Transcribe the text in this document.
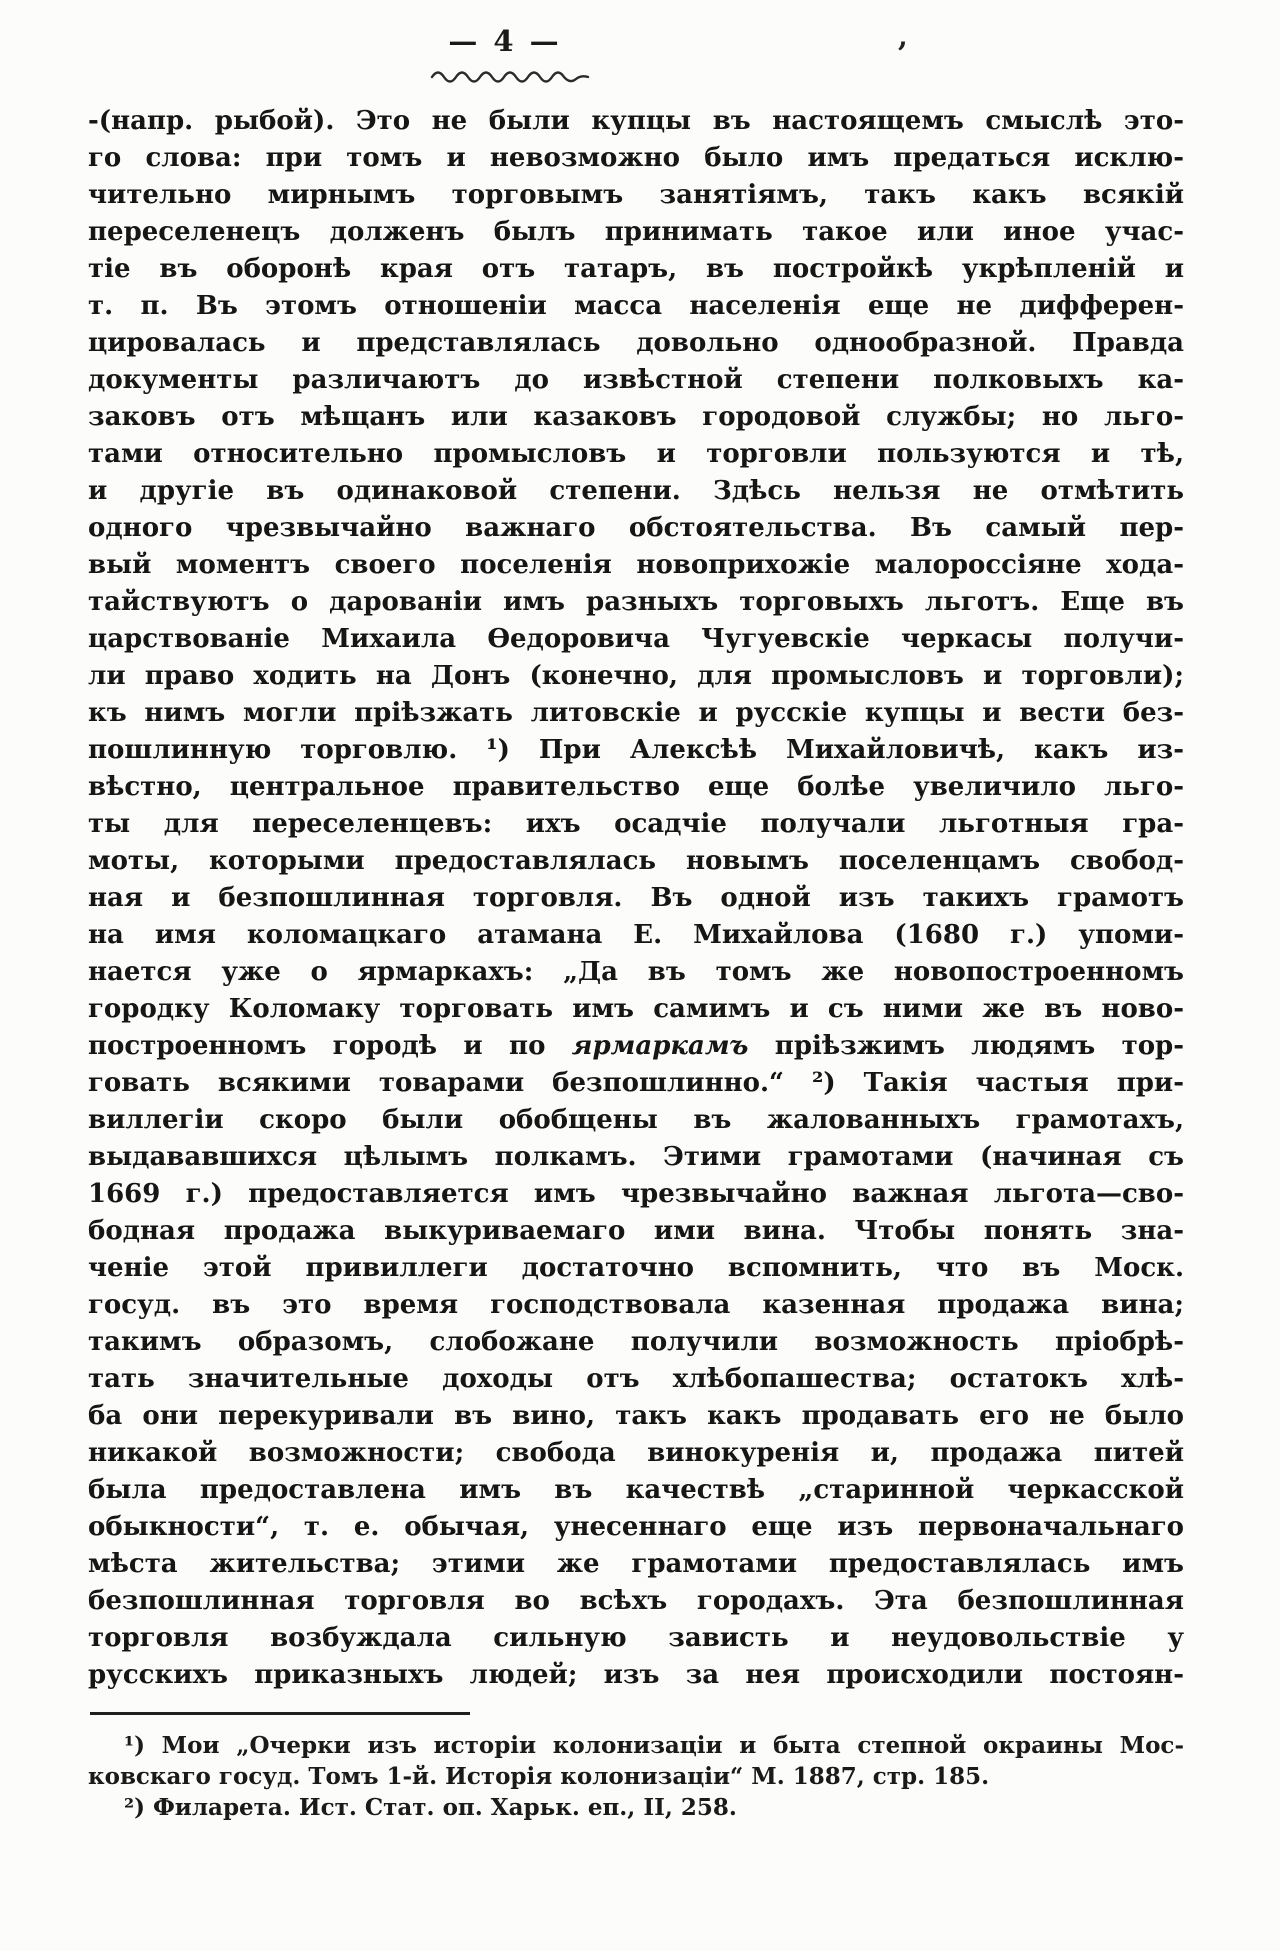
— 4 —	,
-(напр. рыбой). Это не были купцы въ настоящемъ смыслѣ это-
го слова: при томъ и невозможно было имъ предаться исклю-
чительно мирнымъ торговымъ занятіямъ, такъ какъ всякій
переселенецъ долженъ былъ принимать такое или иное учас-
тіе въ оборонѣ края отъ татаръ, въ постройкѣ укрѣпленій и
т. п. Въ этомъ отношеніи масса населенія еще не дифферен-
цировалась и представлялась довольно однообразной. Правда
документы различаютъ до извѣстной степени полковыхъ ка-
заковъ отъ мѣщанъ или казаковъ городовой службы; но льго-
тами относительно промысловъ и торговли пользуются и тѣ,
и другіе въ одинаковой степени. Здѣсь нельзя не отмѣтить
одного чрезвычайно важнаго обстоятельства. Въ самый пер-
вый моментъ своего поселенія новоприхожіе малороссіяне хода-
тайствуютъ о дарованіи имъ разныхъ торговыхъ льготъ. Еще въ
царствованіе Михаила Ѳедоровича Чугуевскіе черкасы получи-
ли право ходить на Донъ (конечно, для промысловъ и торговли);
къ нимъ могли пріѣзжать литовскіе и русскіе купцы и вести без-
пошлинную торговлю. ¹) При Алексѣѣ Михайловичѣ, какъ из-
вѣстно, центральное правительство еще болѣе увеличило льго-
ты для переселенцевъ: ихъ осадчіе получали льготныя гра-
моты, которыми предоставлялась новымъ поселенцамъ свобод-
ная и безпошлинная торговля. Въ одной изъ такихъ грамотъ
на имя коломацкаго атамана Е. Михайлова (1680 г.) упоми-
нается уже о ярмаркахъ: „Да въ томъ же новопостроенномъ
городку Коломаку торговать имъ самимъ и съ ними же въ ново-
построенномъ городѣ и по ярмаркамъ пріѣзжимъ людямъ тор-
говать всякими товарами безпошлинно.“ ²) Такія частыя при-
виллегіи скоро были обобщены въ жалованныхъ грамотахъ,
выдававшихся цѣлымъ полкамъ. Этими грамотами (начиная съ
1669 г.) предоставляется имъ чрезвычайно важная льгота—сво-
бодная продажа выкуриваемаго ими вина. Чтобы понять зна-
ченіе этой привиллеги достаточно вспомнить, что въ Моск.
госуд. въ это время господствовала казенная продажа вина;
такимъ образомъ, слобожане получили возможность пріобрѣ-
тать значительные доходы отъ хлѣбопашества; остатокъ хлѣ-
ба они перекуривали въ вино, такъ какъ продавать его не было
никакой возможности; свобода винокуренія и, продажа питей
была предоставлена имъ въ качествѣ „старинной черкасской
обыкности“, т. е. обычая, унесеннаго еще изъ первоначальнаго
мѣста жительства; этими же грамотами предоставлялась имъ
безпошлинная торговля во всѣхъ городахъ. Эта безпошлинная
торговля возбуждала сильную зависть и неудовольствіе у
русскихъ приказныхъ людей; изъ за нея происходили постоян-
¹) Мои „Очерки изъ исторіи колонизаціи и быта степной окраины Мос-
ковскаго госуд. Томъ 1-й. Исторія колонизаціи“ М. 1887, стр. 185.
²) Филарета. Ист. Стат. оп. Харьк. еп., II, 258.
